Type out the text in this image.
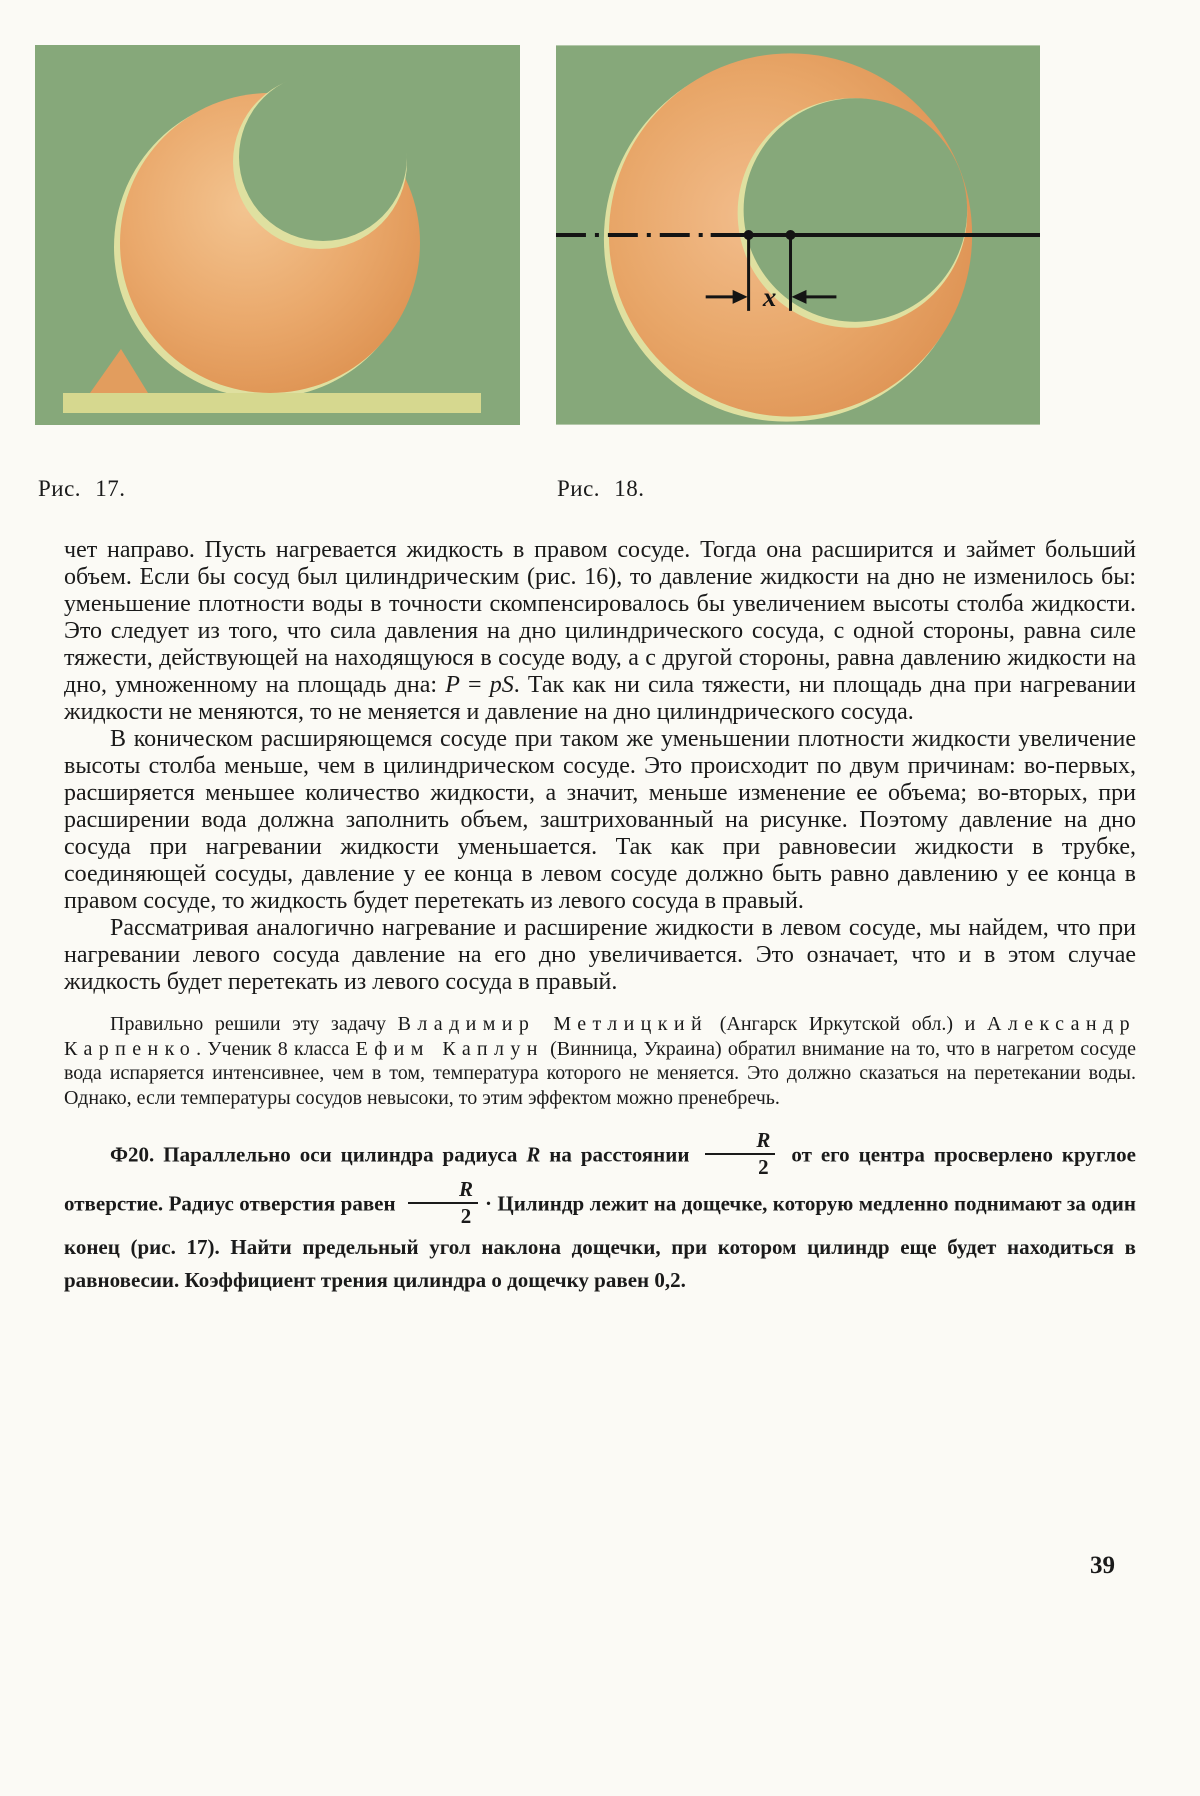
x
Рис. 17.	Рис. 18.

чет направо. Пусть нагревается жидкость в правом сосуде. Тогда она расширится и займет больший объем. Если бы сосуд был цилиндрическим (рис. 16), то давление жидкости на дно не изменилось бы: уменьшение плотности воды в точности скомпенсировалось бы увеличением высоты столба жидкости. Это следует из того, что сила давления на дно цилиндрического сосуда, с одной стороны, равна силе тяжести, действующей на находящуюся в сосуде воду, а с другой стороны, равна давлению жидкости на дно, умноженному на площадь дна: P = pS. Так как ни сила тяжести, ни площадь дна при нагревании жидкости не меняются, то не меняется и давление на дно цилиндрического сосуда.

В коническом расширяющемся сосуде при таком же уменьшении плотности жидкости увеличение высоты столба меньше, чем в цилиндрическом сосуде. Это происходит по двум причинам: во-первых, расширяется меньшее количество жидкости, а значит, меньше изменение ее объема; во-вторых, при расширении вода должна заполнить объем, заштрихованный на рисунке. Поэтому давление на дно сосуда при нагревании жидкости уменьшается. Так как при равновесии жидкости в трубке, соединяющей сосуды, давление у ее конца в левом сосуде должно быть равно давлению у ее конца в правом сосуде, то жидкость будет перетекать из левого сосуда в правый.

Рассматривая аналогично нагревание и расширение жидкости в левом сосуде, мы найдем, что при нагревании левого сосуда давление на его дно увеличивается. Это означает, что и в этом случае жидкость будет перетекать из левого сосуда в правый.

Правильно решили эту задачу Владимир Метлицкий (Ангарск Иркутской обл.) и Александр Карпенко. Ученик 8 класса Ефим Каплун (Винница, Украина) обратил внимание на то, что в нагретом сосуде вода испаряется интенсивнее, чем в том, температура которого не меняется. Это должно сказаться на перетекании воды. Однако, если температуры сосудов невысоки, то этим эффектом можно пренебречь.

Ф20. Параллельно оси цилиндра радиуса R на расстоянии $\frac{R}{2}$ от его центра просверлено круглое отверстие. Радиус отверстия равен $\frac{R}{2}$ · Цилиндр лежит на дощечке, которую медленно поднимают за один конец (рис. 17). Найти предельный угол наклона дощечки, при котором цилиндр еще будет находиться в равновесии. Коэффициент трения цилиндра о дощечку равен 0,2.

39
